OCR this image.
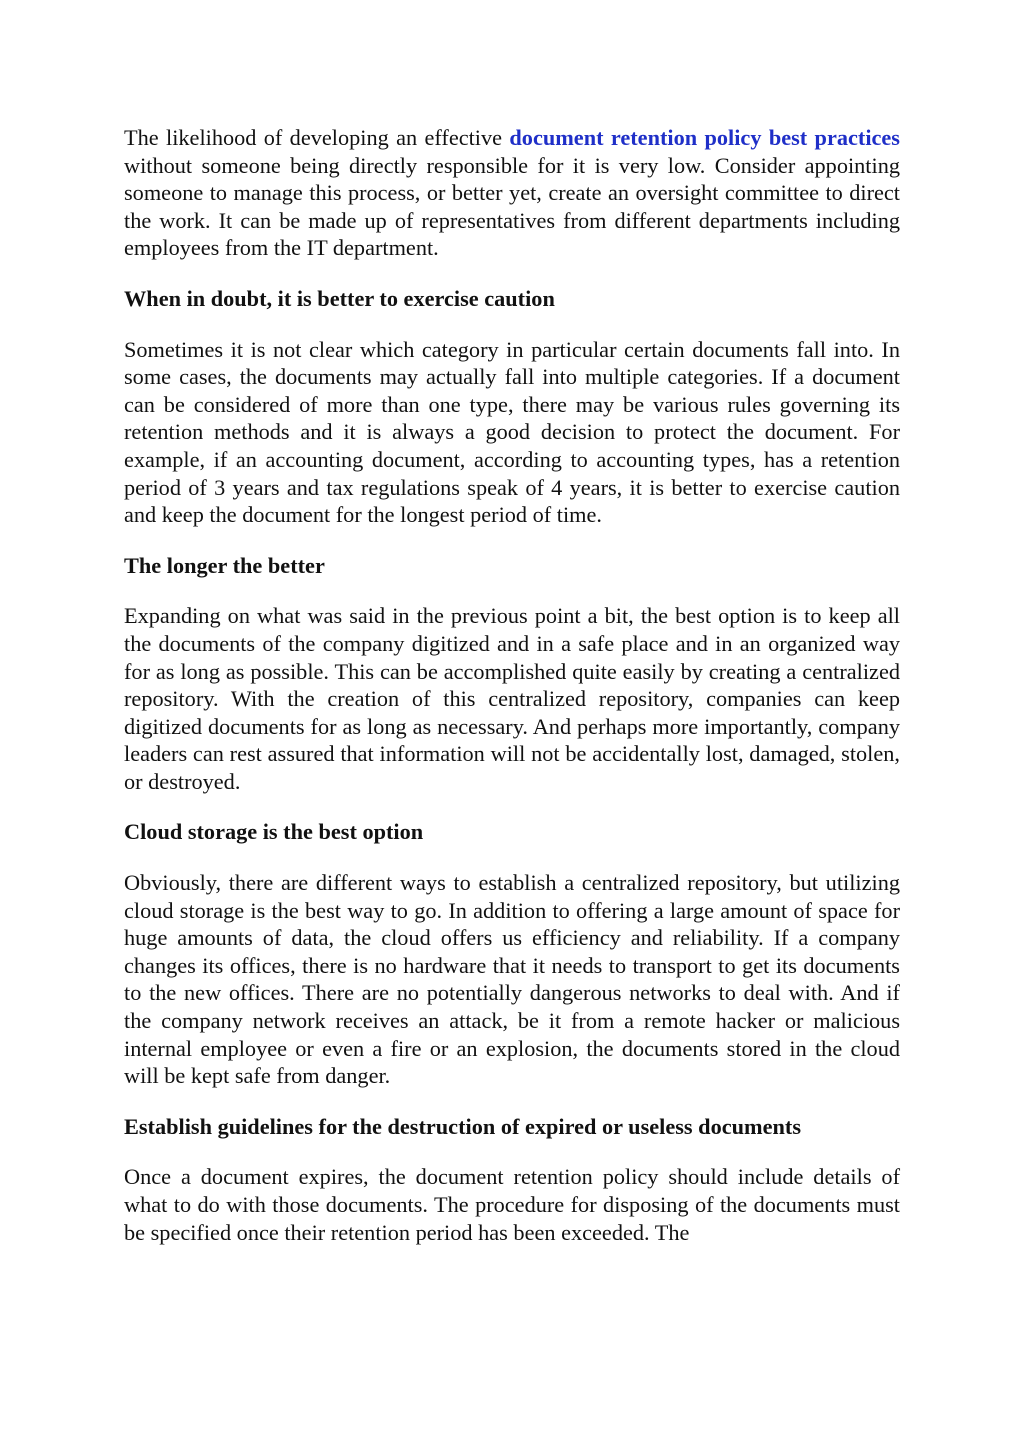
The likelihood of developing an effective document retention policy best practices without someone being directly responsible for it is very low. Consider appointing someone to manage this process, or better yet, create an oversight committee to direct the work. It can be made up of representatives from different departments including employees from the IT department.

When in doubt, it is better to exercise caution

Sometimes it is not clear which category in particular certain documents fall into. In some cases, the documents may actually fall into multiple categories. If a document can be considered of more than one type, there may be various rules governing its retention methods and it is always a good decision to protect the document. For example, if an accounting document, according to accounting types, has a retention period of 3 years and tax regulations speak of 4 years, it is better to exercise caution and keep the document for the longest period of time.

The longer the better

Expanding on what was said in the previous point a bit, the best option is to keep all the documents of the company digitized and in a safe place and in an organized way for as long as possible. This can be accomplished quite easily by creating a centralized repository. With the creation of this centralized repository, companies can keep digitized documents for as long as necessary. And perhaps more importantly, company leaders can rest assured that information will not be accidentally lost, damaged, stolen, or destroyed.

Cloud storage is the best option

Obviously, there are different ways to establish a centralized repository, but utilizing cloud storage is the best way to go. In addition to offering a large amount of space for huge amounts of data, the cloud offers us efficiency and reliability. If a company changes its offices, there is no hardware that it needs to transport to get its documents to the new offices. There are no potentially dangerous networks to deal with. And if the company network receives an attack, be it from a remote hacker or malicious internal employee or even a fire or an explosion, the documents stored in the cloud will be kept safe from danger.

Establish guidelines for the destruction of expired or useless documents

Once a document expires, the document retention policy should include details of what to do with those documents. The procedure for disposing of the documents must be specified once their retention period has been exceeded. The
